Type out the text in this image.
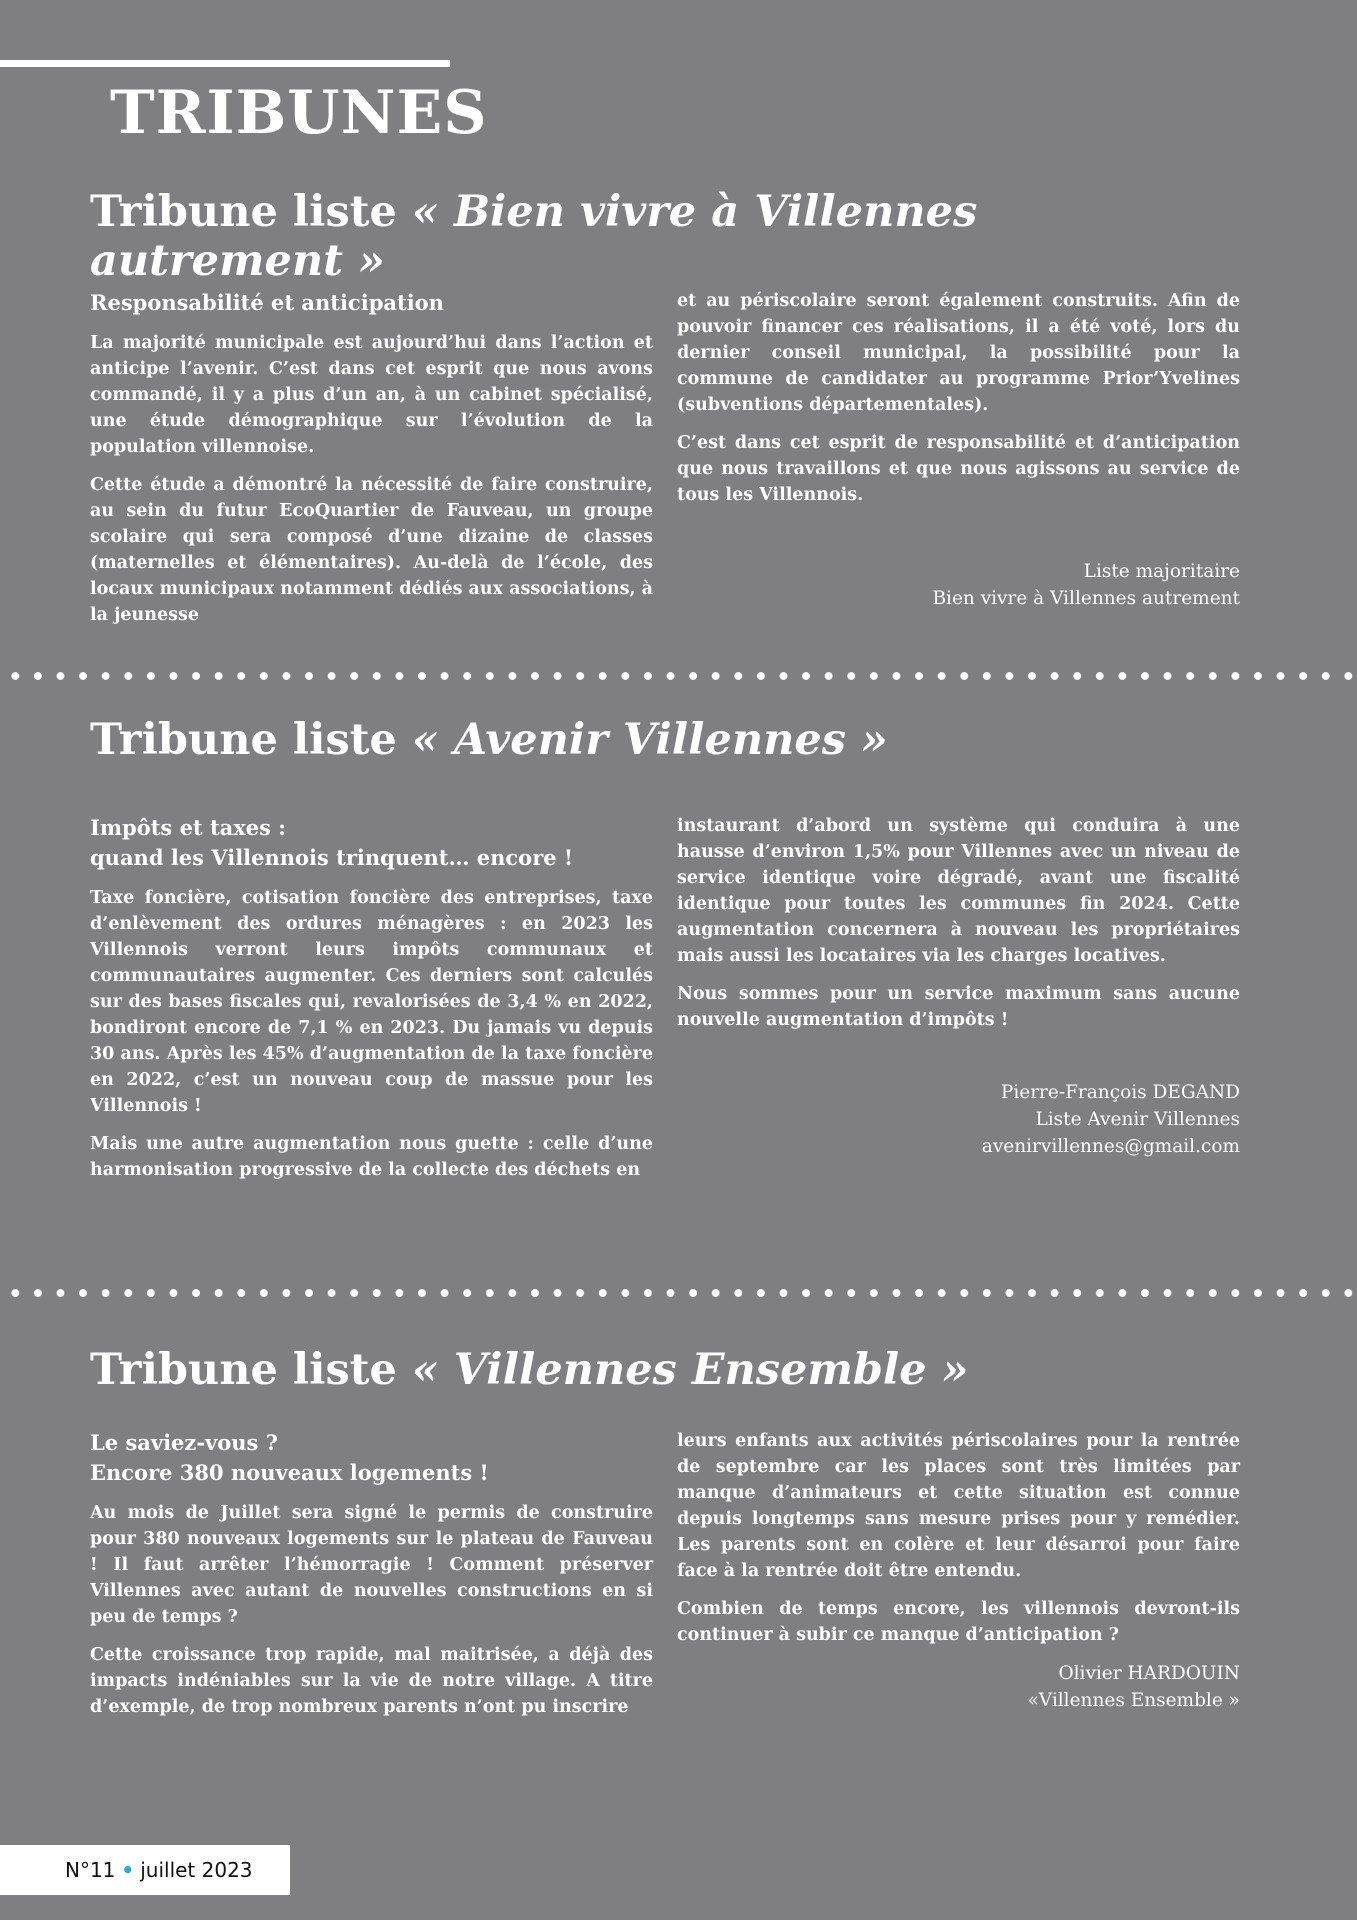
TRIBUNES
Tribune liste « Bien vivre à Villennes autrement »
Responsabilité et anticipation

La majorité municipale est aujourd’hui dans l’action et anticipe l’avenir. C’est dans cet esprit que nous avons commandé, il y a plus d’un an, à un cabinet spécialisé, une étude démographique sur l’évolution de la population villennoise.

Cette étude a démontré la nécessité de faire construire, au sein du futur EcoQuartier de Fauveau, un groupe scolaire qui sera composé d’une dizaine de classes (maternelles et élémentaires). Au-delà de l’école, des locaux municipaux notamment dédiés aux associations, à la jeunesse

et au périscolaire seront également construits. Afin de pouvoir financer ces réalisations, il a été voté, lors du dernier conseil municipal, la possibilité pour la commune de candidater au programme Prior’Yvelines (subventions départementales).

C’est dans cet esprit de responsabilité et d’anticipation que nous travaillons et que nous agissons au service de tous les Villennois.

Liste majoritaire
Bien vivre à Villennes autrement
Tribune liste « Avenir Villennes »
Impôts et taxes :
quand les Villennois trinquent… encore !

Taxe foncière, cotisation foncière des entreprises, taxe d’enlèvement des ordures ménagères : en 2023 les Villennois verront leurs impôts communaux et communautaires augmenter. Ces derniers sont calculés sur des bases fiscales qui, revalorisées de 3,4 % en 2022, bondiront encore de 7,1 % en 2023. Du jamais vu depuis 30 ans. Après les 45% d’augmentation de la taxe foncière en 2022, c’est un nouveau coup de massue pour les Villennois !

Mais une autre augmentation nous guette : celle d’une harmonisation progressive de la collecte des déchets en

instaurant d’abord un système qui conduira à une hausse d’environ 1,5% pour Villennes avec un niveau de service identique voire dégradé, avant une fiscalité identique pour toutes les communes fin 2024. Cette augmentation concernera à nouveau les propriétaires mais aussi les locataires via les charges locatives.

Nous sommes pour un service maximum sans aucune nouvelle augmentation d’impôts !

Pierre-François DEGAND
Liste Avenir Villennes
avenirvillennes@gmail.com
Tribune liste « Villennes Ensemble »
Le saviez-vous ?
Encore 380 nouveaux logements !

Au mois de Juillet sera signé le permis de construire pour 380 nouveaux logements sur le plateau de Fauveau ! Il faut arrêter l’hémorragie ! Comment préserver Villennes avec autant de nouvelles constructions en si peu de temps ?

Cette croissance trop rapide, mal maitrisée, a déjà des impacts indéniables sur la vie de notre village. A titre d’exemple, de trop nombreux parents n’ont pu inscrire

leurs enfants aux activités périscolaires pour la rentrée de septembre car les places sont très limitées par manque d’animateurs et cette situation est connue depuis longtemps sans mesure prises pour y remédier. Les parents sont en colère et leur désarroi pour faire face à la rentrée doit être entendu.

Combien de temps encore, les villennois devront-ils continuer à subir ce manque d’anticipation ?

Olivier HARDOUIN
«Villennes Ensemble »
N°11 • juillet 2023
